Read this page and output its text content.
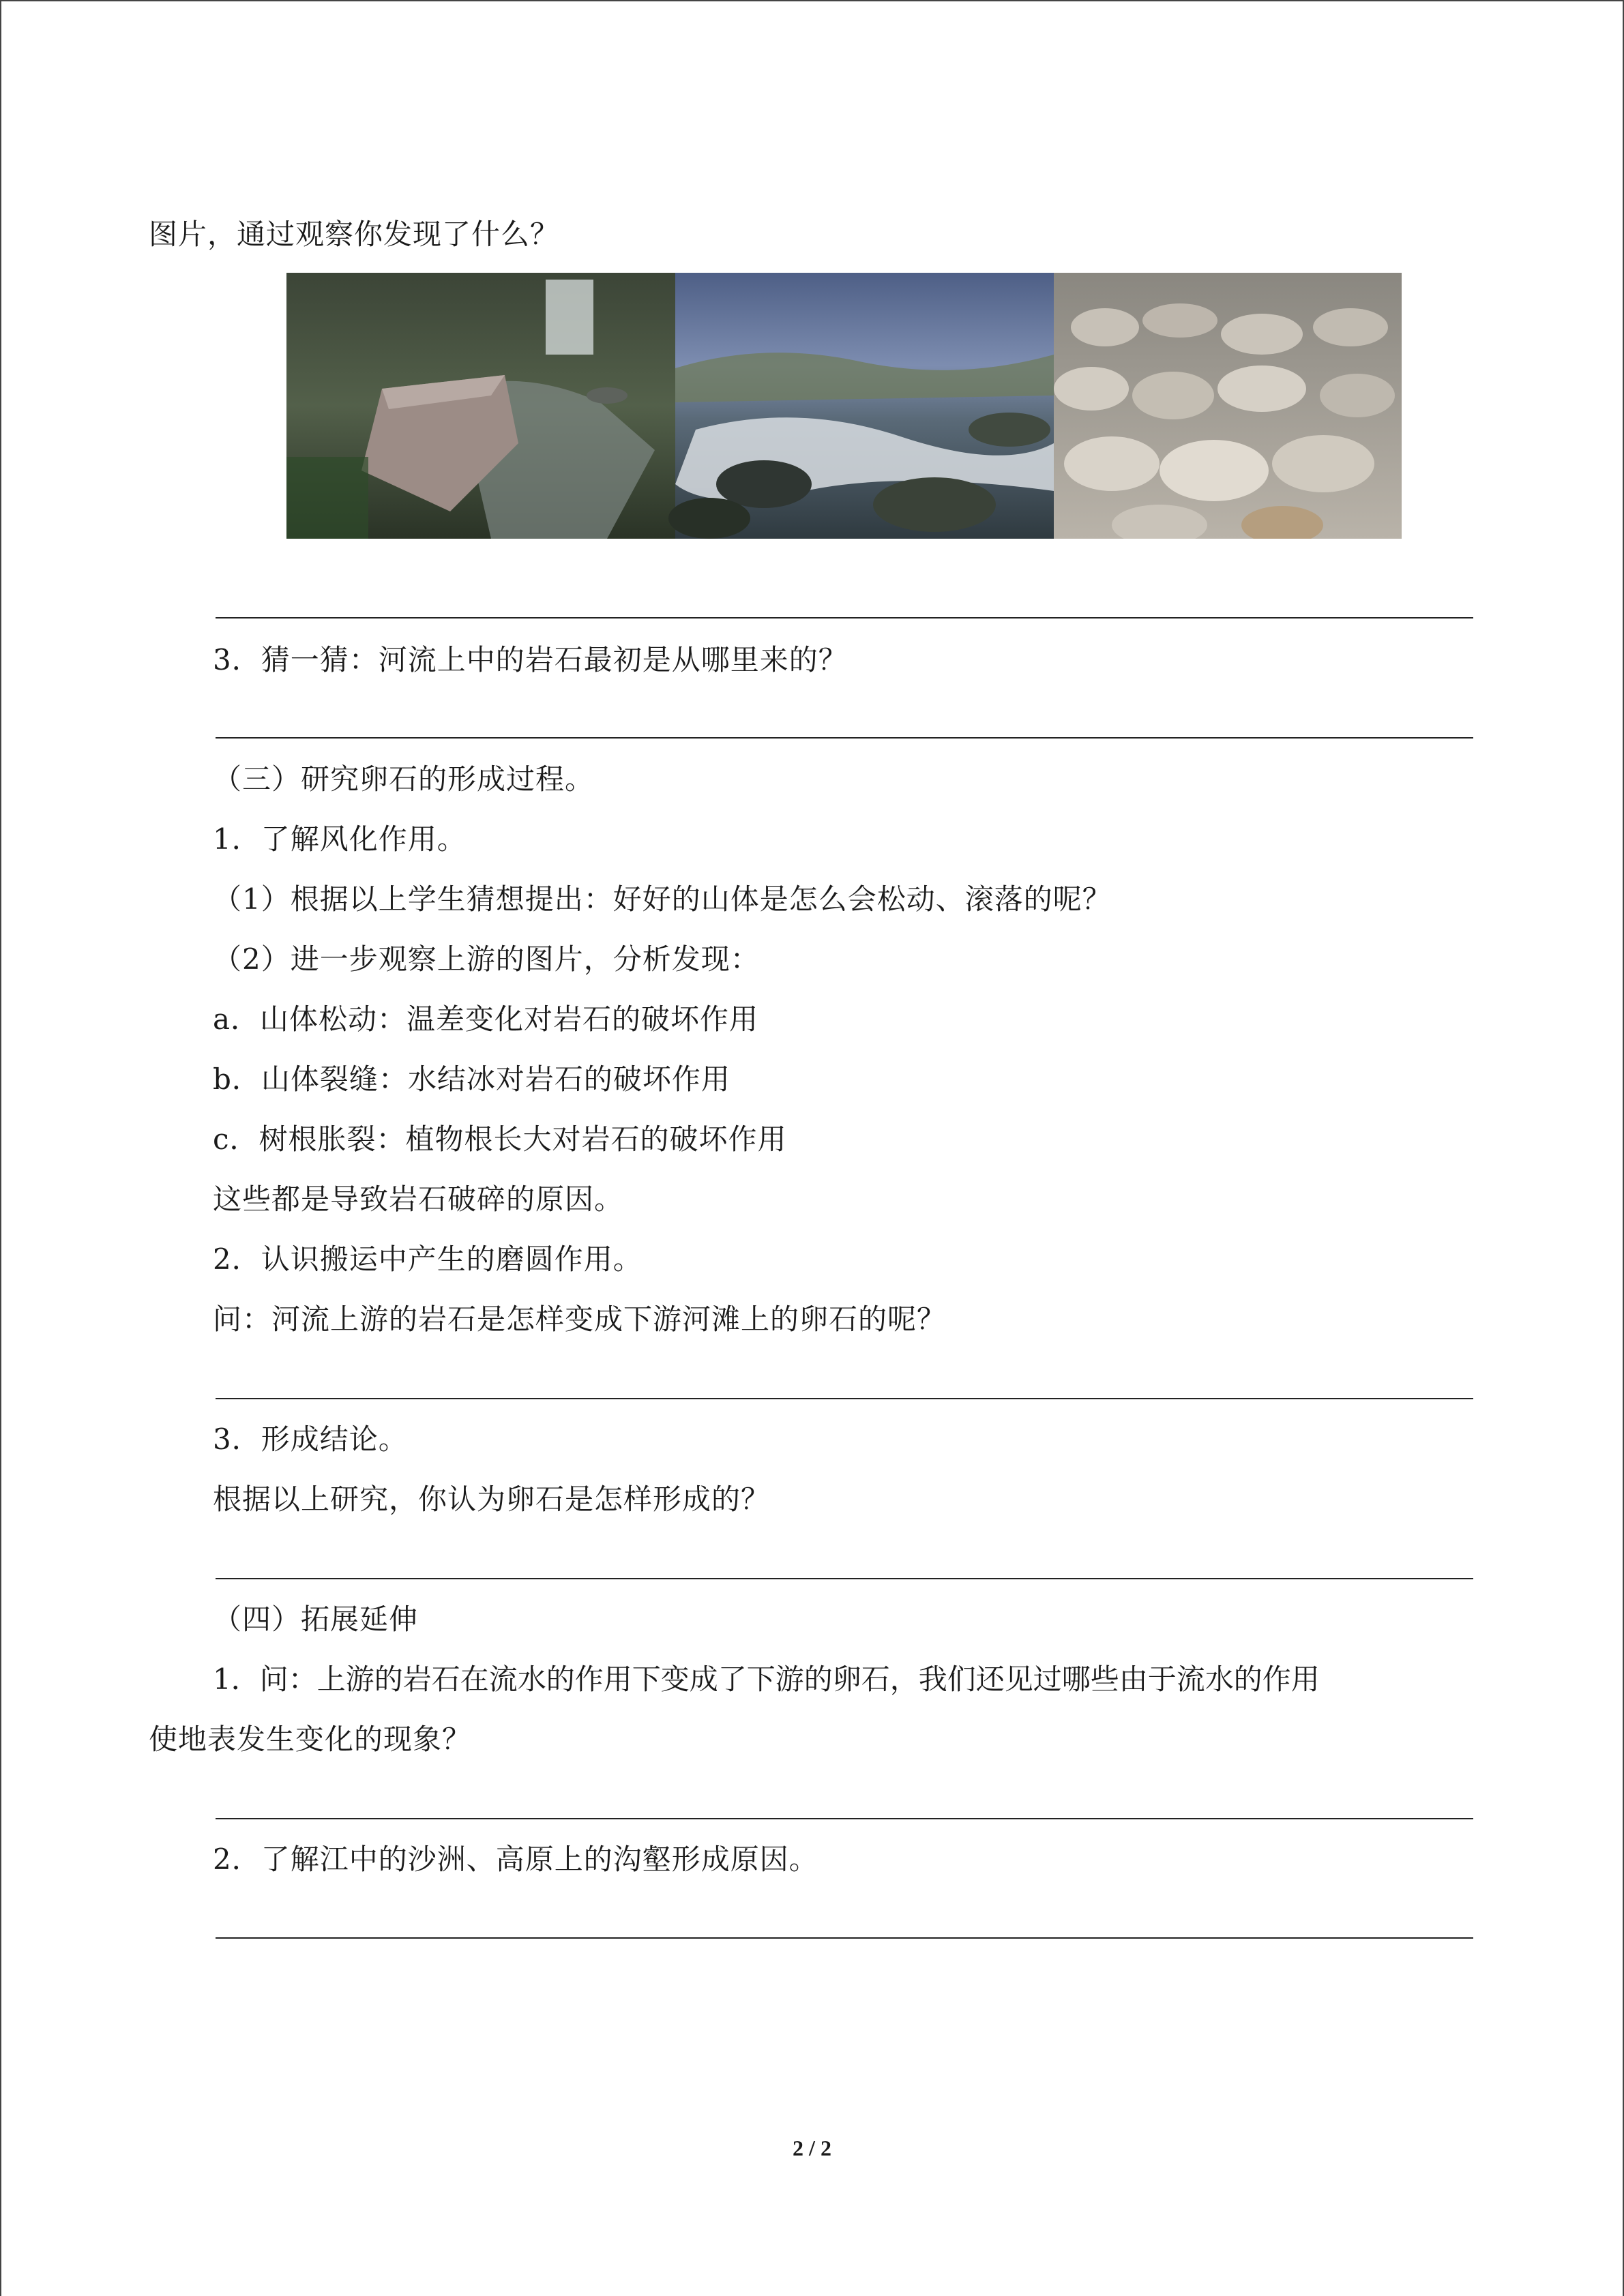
图片，通过观察你发现了什么？
3．猜一猜：河流上中的岩石最初是从哪里来的？
（三）研究卵石的形成过程。
1．了解风化作用。
（1）根据以上学生猜想提出：好好的山体是怎么会松动、滚落的呢？
（2）进一步观察上游的图片，分析发现：
a．山体松动：温差变化对岩石的破坏作用
b．山体裂缝：水结冰对岩石的破坏作用
c．树根胀裂：植物根长大对岩石的破坏作用
这些都是导致岩石破碎的原因。
2．认识搬运中产生的磨圆作用。
问：河流上游的岩石是怎样变成下游河滩上的卵石的呢？
3．形成结论。
根据以上研究，你认为卵石是怎样形成的？
（四）拓展延伸
1．问：上游的岩石在流水的作用下变成了下游的卵石，我们还见过哪些由于流水的作用
使地表发生变化的现象？
2．了解江中的沙洲、高原上的沟壑形成原因。
2 / 2
